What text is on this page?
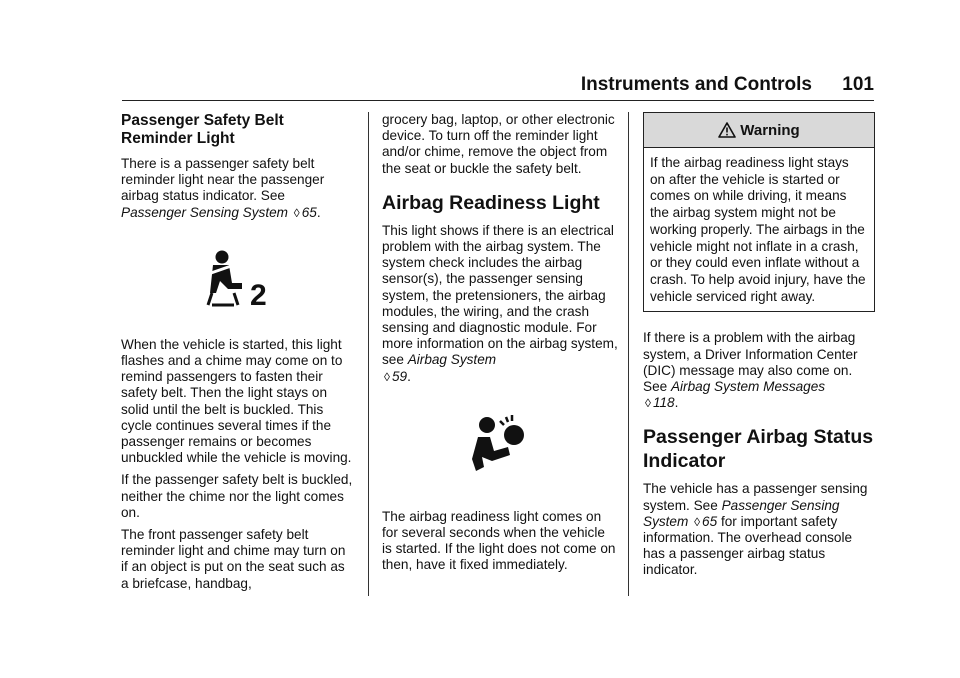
Instruments and Controls 101
Passenger Safety Belt Reminder Light

There is a passenger safety belt reminder light near the passenger airbag status indicator. See
Passenger Sensing System ◊ 65.

2

When the vehicle is started, this light flashes and a chime may come on to remind passengers to fasten their safety belt. Then the light stays on solid until the belt is buckled. This cycle continues several times if the passenger remains or becomes unbuckled while the vehicle is moving.

If the passenger safety belt is buckled, neither the chime nor the light comes on.

The front passenger safety belt reminder light and chime may turn on if an object is put on the seat such as a briefcase, handbag,

grocery bag, laptop, or other electronic device. To turn off the reminder light and/or chime, remove the object from the seat or buckle the safety belt.

Airbag Readiness Light

This light shows if there is an electrical problem with the airbag system. The system check includes the airbag sensor(s), the passenger sensing system, the pretensioners, the airbag modules, the wiring, and the crash sensing and diagnostic module. For more information on the airbag system, see Airbag System
◊ 59.

The airbag readiness light comes on for several seconds when the vehicle is started. If the light does not come on then, have it fixed immediately.

Warning
If the airbag readiness light stays on after the vehicle is started or comes on while driving, it means the airbag system might not be working properly. The airbags in the vehicle might not inflate in a crash, or they could even inflate without a crash. To help avoid injury, have the vehicle serviced right away.

If there is a problem with the airbag system, a Driver Information Center (DIC) message may also come on. See Airbag System Messages
◊ 118.

Passenger Airbag Status Indicator

The vehicle has a passenger sensing system. See Passenger Sensing System ◊ 65 for important safety information. The overhead console has a passenger airbag status indicator.
